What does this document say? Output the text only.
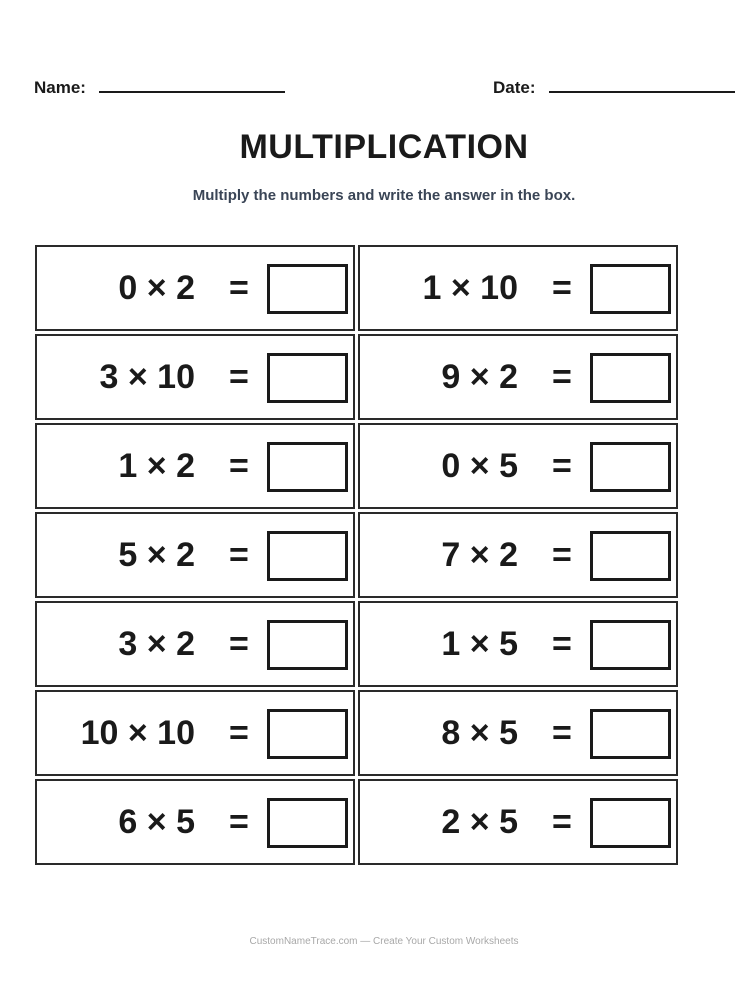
Name:	Date:
MULTIPLICATION
Multiply the numbers and write the answer in the box.
0 × 2 =	1 × 10 =
3 × 10 =	9 × 2 =
1 × 2 =	0 × 5 =
5 × 2 =	7 × 2 =
3 × 2 =	1 × 5 =
10 × 10 =	8 × 5 =
6 × 5 =	2 × 5 =
CustomNameTrace.com — Create Your Custom Worksheets
